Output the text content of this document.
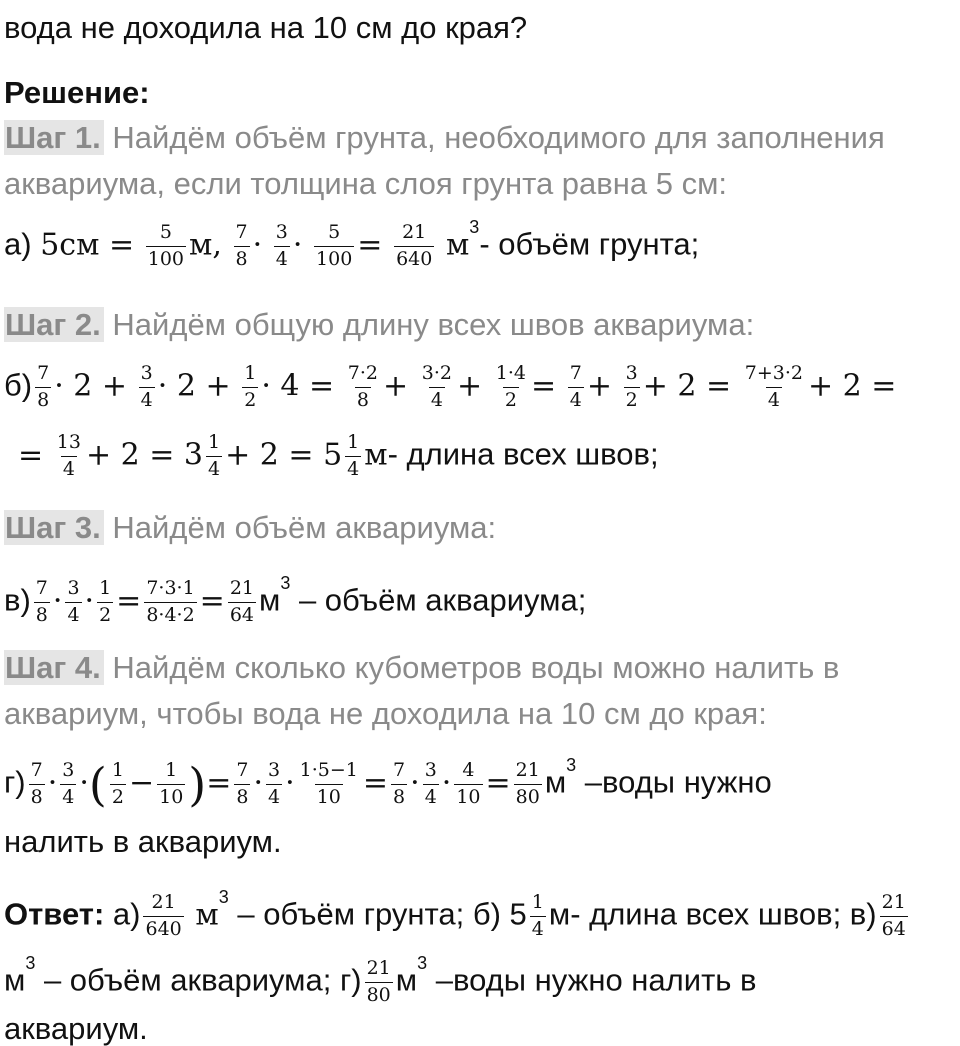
вода не доходила на 10 см до края?
Решение:
Шаг 1. Найдём объём грунта, необходимого для заполнения
аквариума, если толщина слоя грунта равна 5 см:
а) $5см = \frac{5}{100} м$, $\frac{7}{8} \cdot \frac{3}{4} \cdot \frac{5}{100} = \frac{21}{640} м^3-$ объём грунта;
Шаг 2. Найдём общую длину всех швов аквариума:
$б) \frac{7}{8} \cdot 2 + \frac{3}{4} \cdot 2 + \frac{1}{2} \cdot 4 = \frac{7\cdot 2}{8} + \frac{3\cdot 2}{4} + \frac{1\cdot 4}{2} = \frac{7}{4} + \frac{3}{2} + 2 = \frac{7+3\cdot 2}{4} + 2$ =
= $\frac{13}{4} + 2 = 3 \frac{1}{4} + 2 = 5 \frac{1}{4} м-$ длина всех швов;
Шаг 3. Найдём объём аквариума:
$в) \frac{7}{8} \cdot \frac{3}{4} \cdot \frac{1}{2} = \frac{7\cdot 3\cdot 1}{8\cdot 4\cdot 2} = \frac{21}{64} м^3$ – объём аквариума;
Шаг 4. Найдём сколько кубометров воды можно налить в
аквариум, чтобы вода не доходила на 10 см до края:
$г) \frac{7}{8} \cdot \frac{3}{4}$ ·( $\frac{1}{2} - \frac{1}{10}$ )= $\frac{7}{8} \cdot \frac{3}{4} \cdot \frac{1\cdot 5-1}{10} = \frac{7}{8} \cdot \frac{3}{4} \cdot \frac{4}{10} = \frac{21}{80} м^3$ –воды нужно
налить в аквариум.
Ответ: $а) \frac{21}{640} м^3$ – объём грунта; б) $5 \frac{1}{4} м-$ длина всех швов; $в) \frac{21}{64}$
$м^3$ – объём аквариума; $г) \frac{21}{80} м^3$ –воды нужно налить в
аквариум.
